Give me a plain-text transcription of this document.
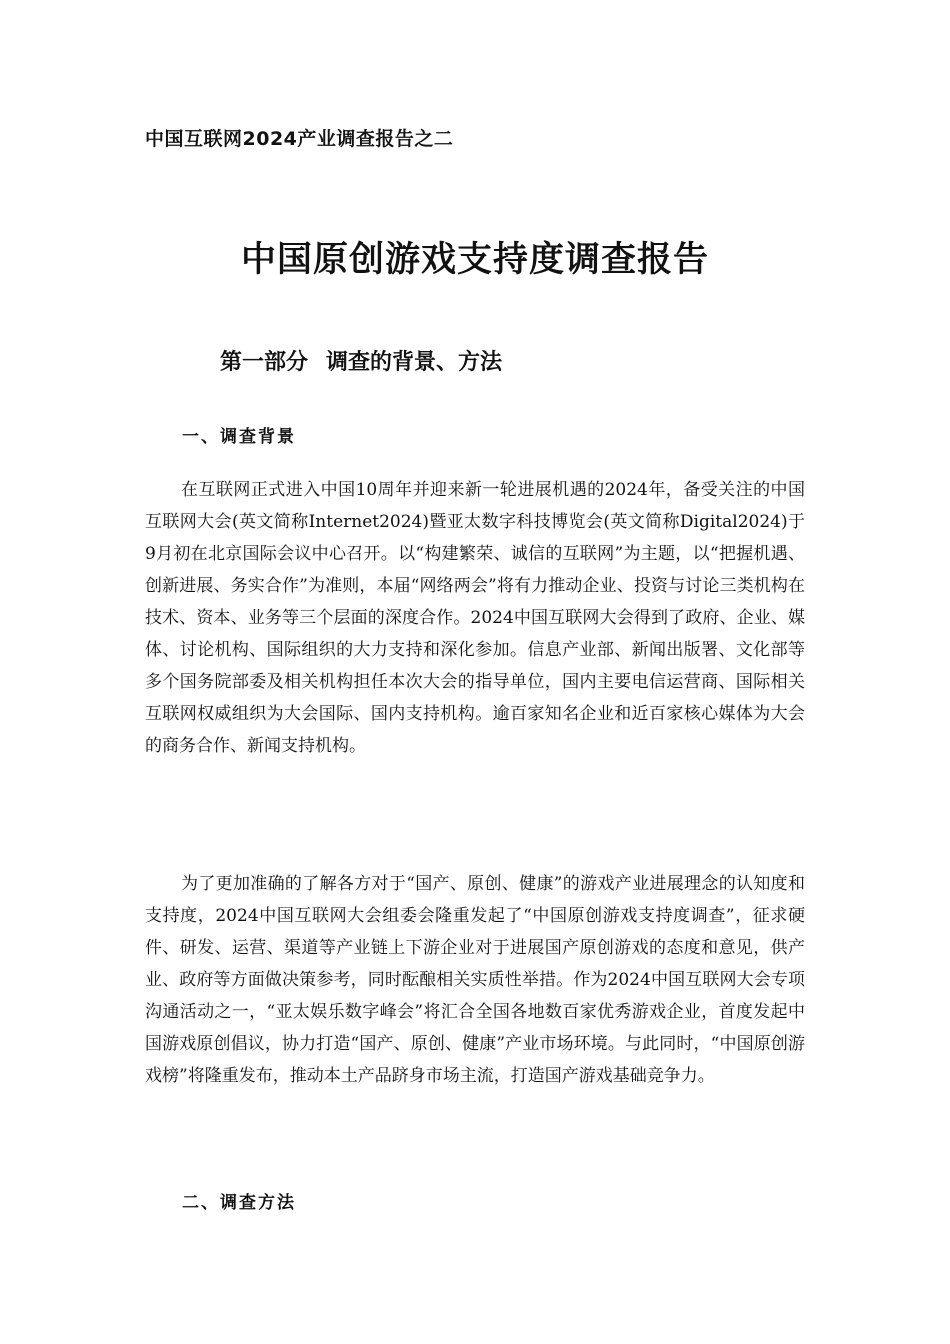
中国互联网2024产业调查报告之二
中国原创游戏支持度调查报告
第一部分 调查的背景、方法
一、调查背景

在互联网正式进入中国10周年并迎来新一轮进展机遇的2024年，备受关注的中国互联网大会(英文简称Internet2024)暨亚太数字科技博览会(英文简称Digital2024)于9月初在北京国际会议中心召开。以“构建繁荣、诚信的互联网”为主题，以“把握机遇、创新进展、务实合作”为准则，本届“网络两会”将有力推动企业、投资与讨论三类机构在技术、资本、业务等三个层面的深度合作。2024中国互联网大会得到了政府、企业、媒体、讨论机构、国际组织的大力支持和深化参加。信息产业部、新闻出版署、文化部等多个国务院部委及相关机构担任本次大会的指导单位，国内主要电信运营商、国际相关互联网权威组织为大会国际、国内支持机构。逾百家知名企业和近百家核心媒体为大会的商务合作、新闻支持机构。

为了更加准确的了解各方对于“国产、原创、健康”的游戏产业进展理念的认知度和支持度，2024中国互联网大会组委会隆重发起了“中国原创游戏支持度调查”，征求硬件、研发、运营、渠道等产业链上下游企业对于进展国产原创游戏的态度和意见，供产业、政府等方面做决策参考，同时酝酿相关实质性举措。作为2024中国互联网大会专项沟通活动之一，“亚太娱乐数字峰会”将汇合全国各地数百家优秀游戏企业，首度发起中国游戏原创倡议，协力打造“国产、原创、健康”产业市场环境。与此同时，“中国原创游戏榜”将隆重发布，推动本土产品跻身市场主流，打造国产游戏基础竞争力。

二、调查方法
